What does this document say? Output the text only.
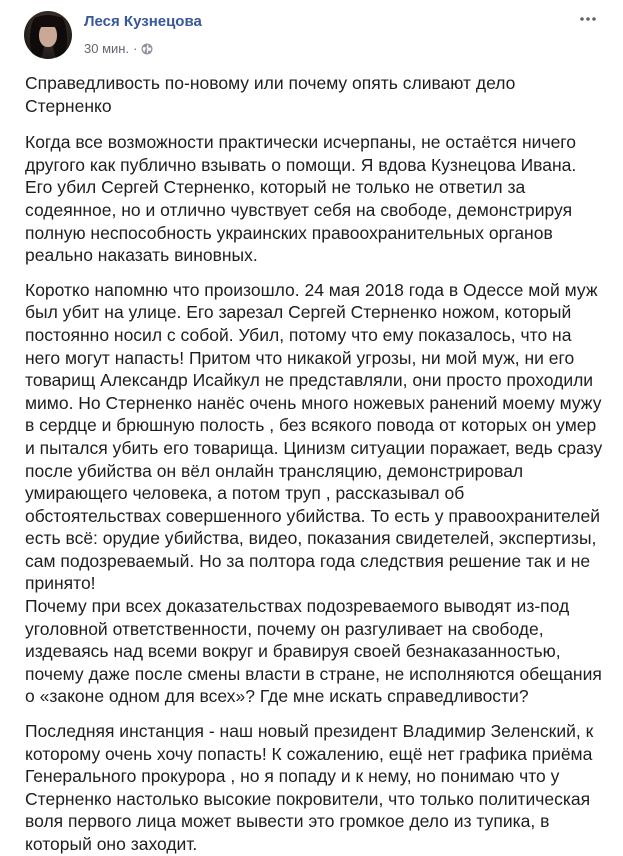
Леся Кузнецова
30 мин. ·

Справедливость по-новому или почему опять сливают дело Стерненко

Когда все возможности практически исчерпаны, не остаётся ничего другого как публично взывать о помощи. Я вдова Кузнецова Ивана. Его убил Сергей Стерненко, который не только не ответил за содеянное, но и отлично чувствует себя на свободе, демонстрируя полную неспособность украинских правоохранительных органов реально наказать виновных.

Коротко напомню что произошло. 24 мая 2018 года в Одессе мой муж был убит на улице. Его зарезал Сергей Стерненко ножом, который постоянно носил с собой. Убил, потому что ему показалось, что на него могут напасть! Притом что никакой угрозы, ни мой муж, ни его товарищ Александр Исайкул не представляли, они просто проходили мимо. Но Стерненко нанёс очень много ножевых ранений моему мужу в сердце и брюшную полость , без всякого повода от которых он умер и пытался убить его товарища. Цинизм ситуации поражает, ведь сразу после убийства он вёл онлайн трансляцию, демонстрировал умирающего человека, а потом труп , рассказывал об обстоятельствах совершенного убийства. То есть у правоохранителей есть всё: орудие убийства, видео, показания свидетелей, экспертизы, сам подозреваемый. Но за полтора года следствия решение так и не принято!
Почему при всех доказательствах подозреваемого выводят из-под уголовной ответственности, почему он разгуливает на свободе, издеваясь над всеми вокруг и бравируя своей безнаказанностью, почему даже после смены власти в стране, не исполняются обещания о «законе одном для всех»? Где мне искать справедливости?

Последняя инстанция - наш новый президент Владимир Зеленский, к которому очень хочу попасть! К сожалению, ещё нет графика приёма Генерального прокурора , но я попаду и к нему, но понимаю что у Стерненко настолько высокие покровители, что только политическая воля первого лица может вывести это громкое дело из тупика, в который оно заходит.
